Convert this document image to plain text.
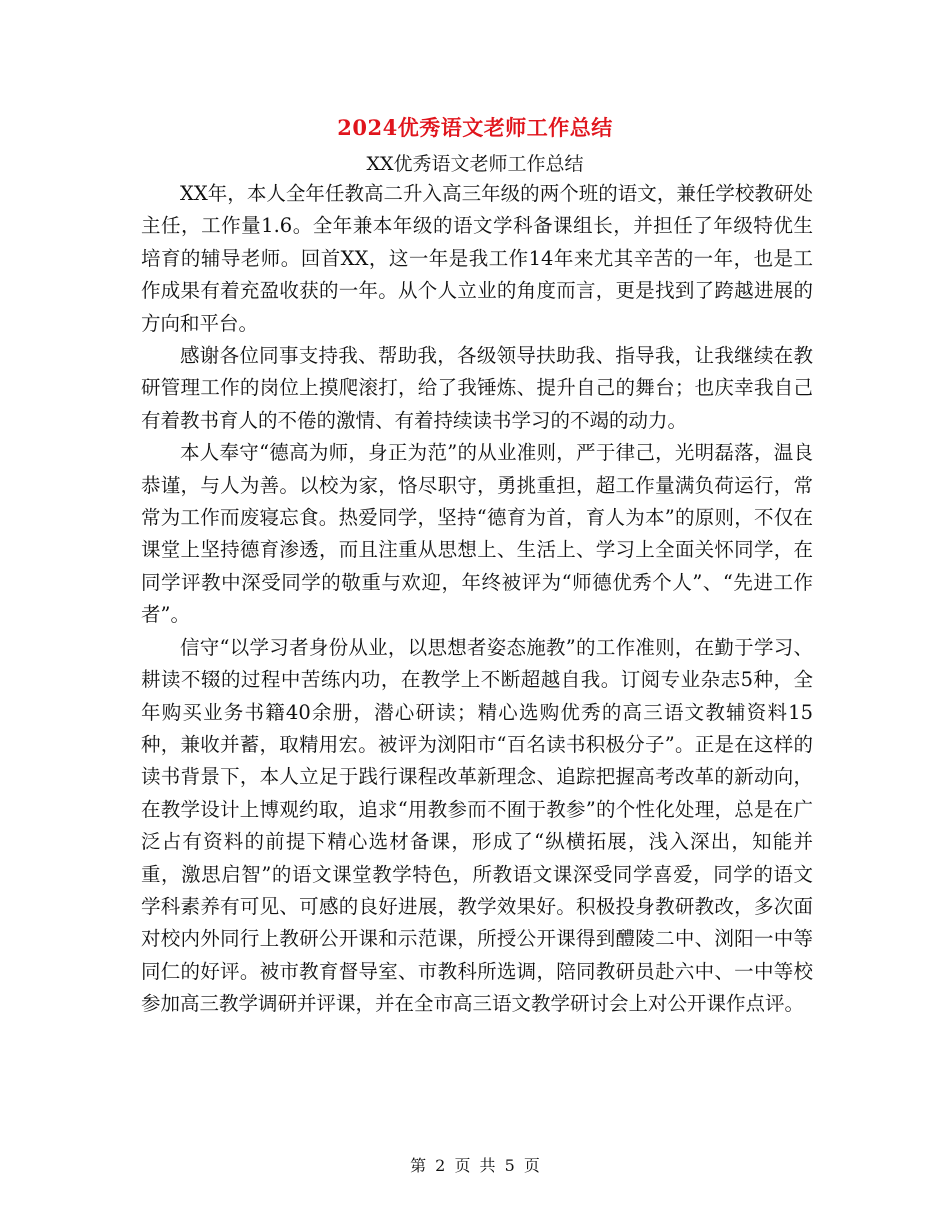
2024优秀语文老师工作总结
XX优秀语文老师工作总结

XX年，本人全年任教高二升入高三年级的两个班的语文，兼任学校教研处主任，工作量1.6。全年兼本年级的语文学科备课组长，并担任了年级特优生培育的辅导老师。回首XX，这一年是我工作14年来尤其辛苦的一年，也是工作成果有着充盈收获的一年。从个人立业的角度而言，更是找到了跨越进展的方向和平台。

感谢各位同事支持我、帮助我，各级领导扶助我、指导我，让我继续在教研管理工作的岗位上摸爬滚打，给了我锤炼、提升自己的舞台；也庆幸我自己有着教书育人的不倦的激情、有着持续读书学习的不竭的动力。

本人奉守“德高为师，身正为范”的从业准则，严于律己，光明磊落，温良恭谨，与人为善。以校为家，恪尽职守，勇挑重担，超工作量满负荷运行，常常为工作而废寝忘食。热爱同学，坚持“德育为首，育人为本”的原则，不仅在课堂上坚持德育渗透，而且注重从思想上、生活上、学习上全面关怀同学，在同学评教中深受同学的敬重与欢迎，年终被评为“师德优秀个人”、“先进工作者”。

信守“以学习者身份从业，以思想者姿态施教”的工作准则，在勤于学习、耕读不辍的过程中苦练内功，在教学上不断超越自我。订阅专业杂志5种，全年购买业务书籍40余册，潜心研读；精心选购优秀的高三语文教辅资料15种，兼收并蓄，取精用宏。被评为浏阳市“百名读书积极分子”。正是在这样的读书背景下，本人立足于践行课程改革新理念、追踪把握高考改革的新动向，在教学设计上博观约取，追求“用教参而不囿于教参”的个性化处理，总是在广泛占有资料的前提下精心选材备课，形成了“纵横拓展，浅入深出，知能并重，激思启智”的语文课堂教学特色，所教语文课深受同学喜爱，同学的语文学科素养有可见、可感的良好进展，教学效果好。积极投身教研教改，多次面对校内外同行上教研公开课和示范课，所授公开课得到醴陵二中、浏阳一中等同仁的好评。被市教育督导室、市教科所选调，陪同教研员赴六中、一中等校参加高三教学调研并评课，并在全市高三语文教学研讨会上对公开课作点评。

第 2 页 共 5 页
